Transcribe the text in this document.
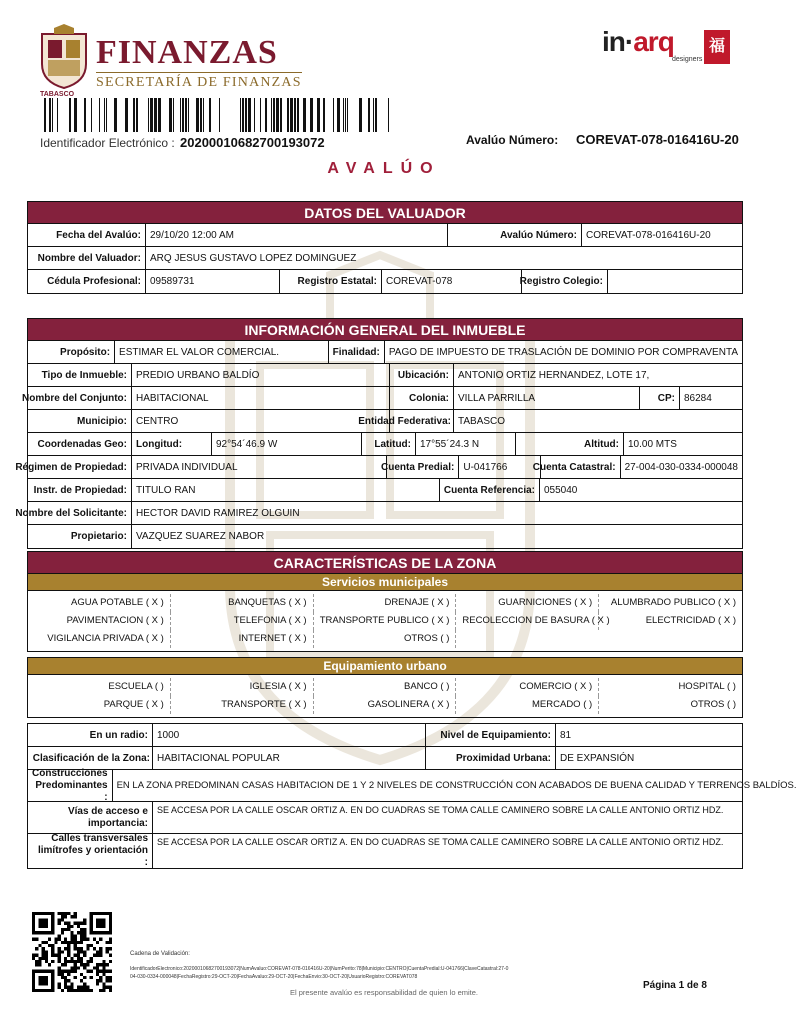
FINANZAS
SECRETARÍA DE FINANZAS
TABASCO
in·arq
designers
福
Identificador Electrónico : 20200010682700193072	Avalúo Número: COREVAT-078-016416U-20
AVALÚO
DATOS DEL VALUADOR
Fecha del Avalúo: 29/10/20 12:00 AM	Avalúo Número: COREVAT-078-016416U-20
Nombre del Valuador: ARQ JESUS GUSTAVO LOPEZ DOMINGUEZ
Cédula Profesional: 09589731	Registro Estatal: COREVAT-078	Registro Colegio:
INFORMACIÓN GENERAL DEL INMUEBLE
Propósito: ESTIMAR EL VALOR COMERCIAL.	Finalidad: PAGO DE IMPUESTO DE TRASLACIÓN DE DOMINIO POR COMPRAVENTA
Tipo de Inmueble: PREDIO URBANO BALDÍO	Ubicación: ANTONIO ORTIZ HERNANDEZ, LOTE 17,
Nombre del Conjunto: HABITACIONAL	Colonia: VILLA PARRILLA	CP: 86284
Municipio: CENTRO	Entidad Federativa: TABASCO
Coordenadas Geo: Longitud:	92°54´46.9 W	Latitud: 17°55´24.3 N	Altitud: 10.00 MTS
Régimen de Propiedad: PRIVADA INDIVIDUAL	Cuenta Predial: U-041766	Cuenta Catastral: 27-004-030-0334-000048
Instr. de Propiedad: TITULO RAN	Cuenta Referencia: 055040
Nombre del Solicitante: HECTOR DAVID RAMIREZ OLGUIN
Propietario: VAZQUEZ SUAREZ NABOR
CARACTERÍSTICAS DE LA ZONA
Servicios municipales
AGUA POTABLE ( X )	BANQUETAS ( X )	DRENAJE ( X )	GUARNICIONES ( X )	ALUMBRADO PUBLICO ( X )
PAVIMENTACION ( X )	TELEFONIA ( X )	TRANSPORTE PUBLICO ( X )	RECOLECCION DE BASURA ( X )	ELECTRICIDAD ( X )
VIGILANCIA PRIVADA ( X )	INTERNET ( X )	OTROS ( )
Equipamiento urbano
ESCUELA ( )	IGLESIA ( X )	BANCO ( )	COMERCIO ( X )	HOSPITAL ( )
PARQUE ( X )	TRANSPORTE ( X )	GASOLINERA ( X )	MERCADO ( )	OTROS ( )
En un radio: 1000	Nivel de Equipamiento: 81
Clasificación de la Zona: HABITACIONAL POPULAR	Proximidad Urbana: DE EXPANSIÓN
Construcciones Predominantes :
EN LA ZONA PREDOMINAN CASAS HABITACION DE 1 Y 2 NIVELES DE CONSTRUCCIÓN CON ACABADOS DE BUENA CALIDAD Y TERRENOS BALDÍOS.
Vías de acceso e importancia:
SE ACCESA POR LA CALLE OSCAR ORTIZ A. EN DO CUADRAS SE TOMA CALLE CAMINERO SOBRE LA CALLE ANTONIO ORTIZ HDZ.
Calles transversales limítrofes y orientación :
SE ACCESA POR LA CALLE OSCAR ORTIZ A. EN DO CUADRAS SE TOMA CALLE CAMINERO SOBRE LA CALLE ANTONIO ORTIZ HDZ.
Cadena de Validación:
IdentificadorElectronico:20200010682700193072|NumAvaluo:COREVAT-078-016416U-20|NumPerito:78|Municipio:CENTRO|CuentaPredial:U-041766|ClaveCatastral:27-004-030-0334-000048|FechaRegistro:29-OCT-20|FechaAvaluo:29-OCT-20|FechaEnvio:30-OCT-20|UsuarioRegistro:COREVAT078
Página 1 de 8
El presente avalúo es responsabilidad de quien lo emite.
